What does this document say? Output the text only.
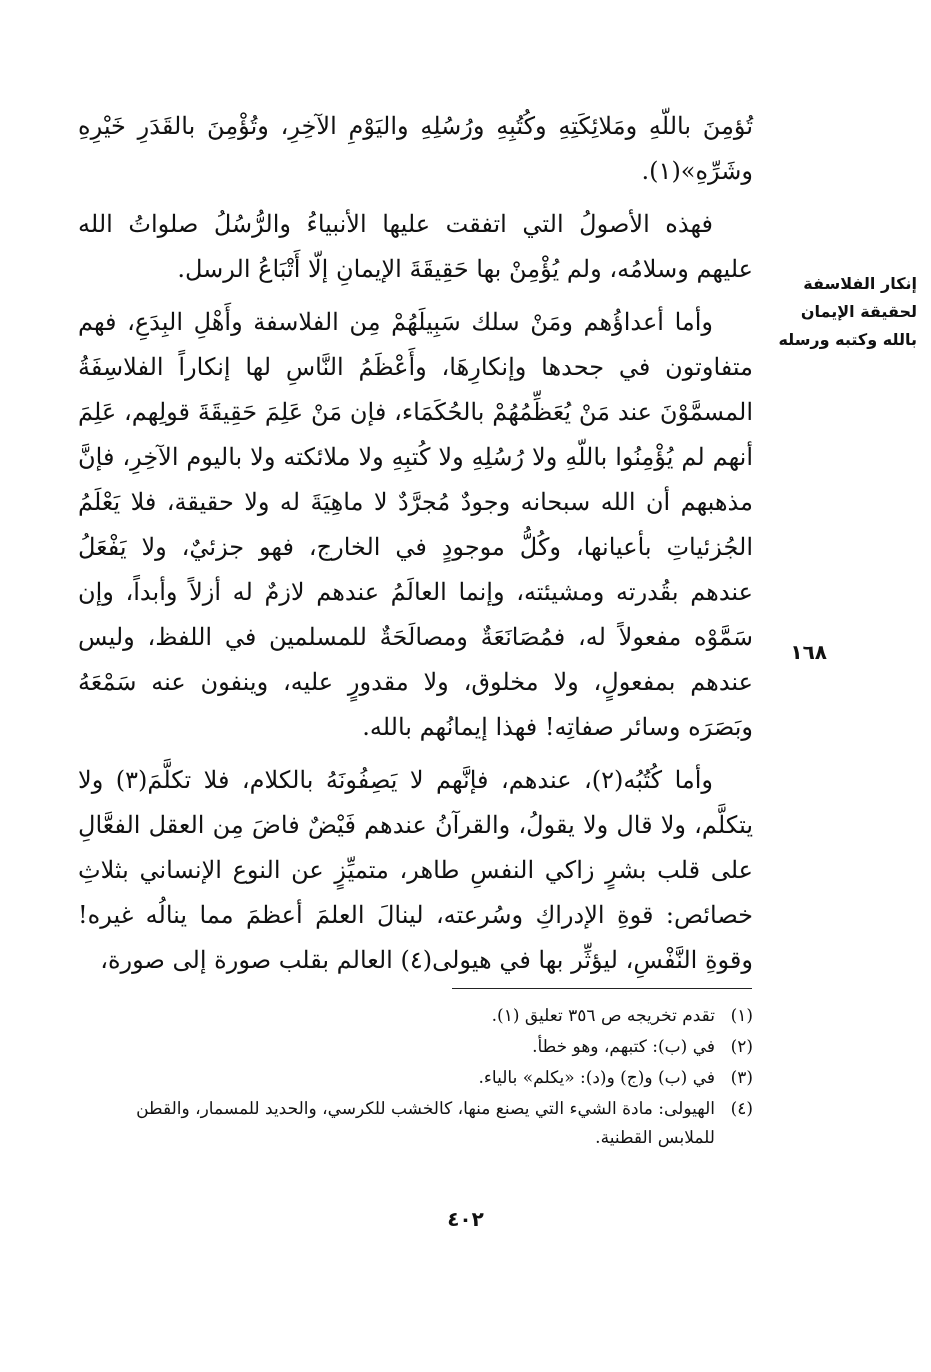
إنكار الفلاسفة لحقيقة الإيمان بالله وكتبه ورسله
١٦٨

تُؤمِنَ باللّهِ ومَلائِكَتِهِ وكُتُبِهِ ورُسُلِهِ واليَوْمِ الآخِرِ، وتُؤْمِنَ بالقَدَرِ خَيْرِهِ وشَرِّهِ»(١).

فهذه الأصولُ التي اتفقت عليها الأنبياءُ والرُّسُلُ صلواتُ الله عليهم وسلامُه، ولم يُؤْمِنْ بها حَقِيقَةَ الإيمانِ إلّا أَتْبَاعُ الرسل.

وأما أعداؤُهم ومَنْ سلك سَبِيلَهُمْ مِن الفلاسفة وأَهْلِ البِدَعِ، فهم متفاوتون في جحدها وإنكارِهَا، وأَعْظَمُ النَّاسِ لها إنكاراً الفلاسِفَةُ المسمَّوْنَ عند مَنْ يُعَظِّمُهُمْ بالحُكَمَاء، فإن مَنْ عَلِمَ حَقِيقَةَ قولِهم، عَلِمَ أنهم لم يُؤْمِنُوا باللّهِ ولا رُسُلِهِ ولا كُتبِهِ ولا ملائكته ولا باليوم الآخِرِ، فإنَّ مذهبهم أن الله سبحانه وجودٌ مُجرَّدٌ لا ماهِيَةَ له ولا حقيقة، فلا يَعْلَمُ الجُزئياتِ بأعيانها، وكُلُّ موجودٍ في الخارج، فهو جزئيٌ، ولا يَفْعَلُ عندهم بقُدرته ومشيئته، وإنما العالَمُ عندهم لازمٌ له أزلاً وأبداً، وإن سَمَّوْه مفعولاً له، فمُصَانَعَةٌ ومصالَحَةٌ للمسلمين في اللفظ، وليس عندهم بمفعولٍ، ولا مخلوق، ولا مقدورٍ عليه، وينفون عنه سَمْعَهُ وبَصَرَه وسائر صفاتِه! فهذا إيمانُهم بالله.

وأما كُتُبُه(٢)، عندهم، فإنَّهم لا يَصِفُونَهُ بالكلام، فلا تكلَّمَ(٣) ولا يتكلَّم، ولا قال ولا يقولُ، والقرآنُ عندهم فَيْضٌ فاضَ مِن العقل الفعَّالِ على قلب بشرٍ زاكي النفسِ طاهر، متميِّزٍ عن النوع الإنساني بثلاثِ خصائص: قوةِ الإدراكِ وسُرعته، لينالَ العلمَ أعظمَ مما ينالُه غيره! وقوةِ النَّفْسِ، ليؤثِّر بها في هيولى(٤) العالم بقلب صورة إلى صورة،

(١)
تقدم تخريجه ص ٣٥٦ تعليق (١).
(٢)
في (ب): كتبهم، وهو خطأ.
(٣)
في (ب) و(ج) و(د): «يكلم» بالياء.
(٤)
الهيولى: مادة الشيء التي يصنع منها، كالخشب للكرسي، والحديد للمسمار، والقطن للملابس القطنية.
٤٠٢
